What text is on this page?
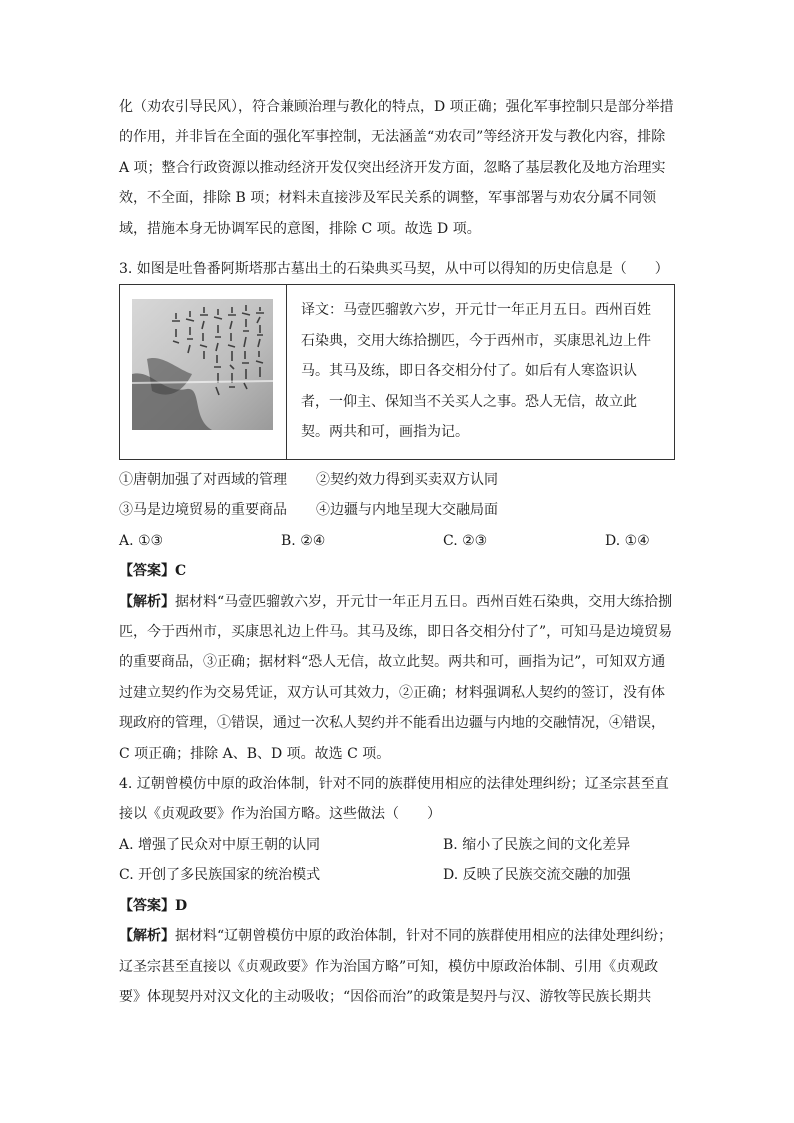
化（劝农引导民风），符合兼顾治理与教化的特点，D 项正确；强化军事控制只是部分举措

的作用，并非旨在全面的强化军事控制，无法涵盖“劝农司”等经济开发与教化内容，排除

A 项；整合行政资源以推动经济开发仅突出经济开发方面，忽略了基层教化及地方治理实

效，不全面，排除 B 项；材料未直接涉及军民关系的调整，军事部署与劝农分属不同领

域，措施本身无协调军民的意图，排除 C 项。故选 D 项。

3. 如图是吐鲁番阿斯塔那古墓出土的石染典买马契，从中可以得知的历史信息是（　　）

译文：马壹匹骝敦六岁，开元廿一年正月五日。西州百姓

石染典，交用大练拾捌匹，今于西州市，买康思礼边上件

马。其马及练，即日各交相分付了。如后有人寒盗识认

者，一仰主、保知当不关买人之事。恐人无信，故立此

契。两共和可，画指为记。

①唐朝加强了对西域的管理	②契约效力得到买卖双方认同
③马是边境贸易的重要商品	④边疆与内地呈现大交融局面
A. ①③	B. ②④	C. ②③	D. ①④

【答案】C

【解析】据材料“马壹匹骝敦六岁，开元廿一年正月五日。西州百姓石染典，交用大练拾捌

匹，今于西州市，买康思礼边上件马。其马及练，即日各交相分付了”，可知马是边境贸易

的重要商品，③正确；据材料“恐人无信，故立此契。两共和可，画指为记”，可知双方通

过建立契约作为交易凭证，双方认可其效力，②正确；材料强调私人契约的签订，没有体

现政府的管理，①错误，通过一次私人契约并不能看出边疆与内地的交融情况，④错误，

C 项正确；排除 A、B、D 项。故选 C 项。

4. 辽朝曾模仿中原的政治体制，针对不同的族群使用相应的法律处理纠纷；辽圣宗甚至直

接以《贞观政要》作为治国方略。这些做法（　　）

A. 增强了民众对中原王朝的认同	B. 缩小了民族之间的文化差异
C. 开创了多民族国家的统治模式	D. 反映了民族交流交融的加强

【答案】D

【解析】据材料“辽朝曾模仿中原的政治体制，针对不同的族群使用相应的法律处理纠纷；

辽圣宗甚至直接以《贞观政要》作为治国方略”可知，模仿中原政治体制、引用《贞观政

要》体现契丹对汉文化的主动吸收；“因俗而治”的政策是契丹与汉、游牧等民族长期共
